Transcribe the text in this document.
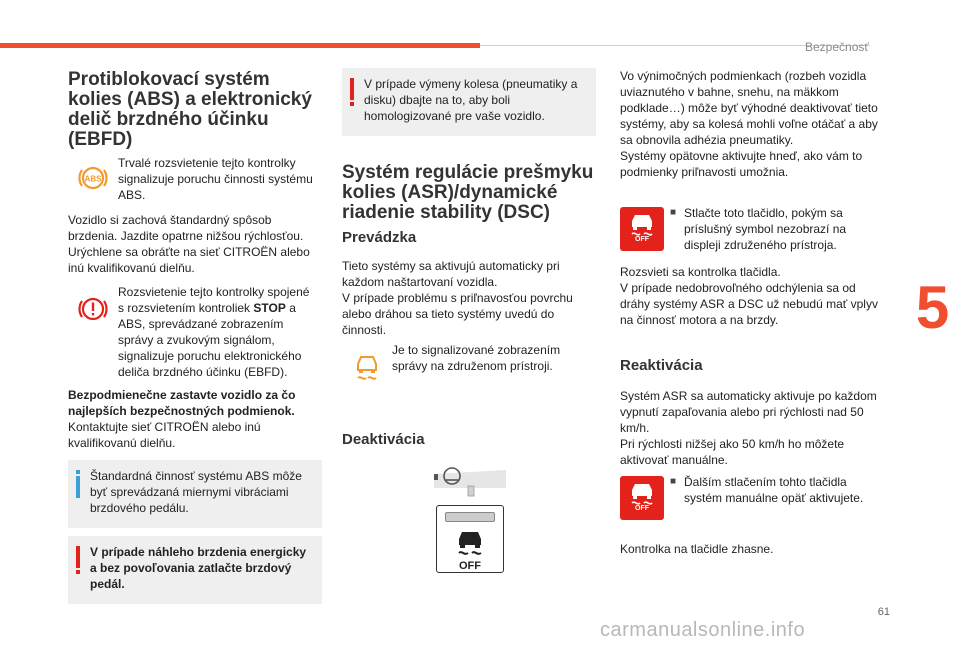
Bezpečnosť
5
61
carmanualsonline.info
Protiblokovací systém kolies (ABS) a elektronický delič brzdného účinku (EBFD)
ABS

Trvalé rozsvietenie tejto kontrolky signalizuje poruchu činnosti systému ABS.

Vozidlo si zachová štandardný spôsob brzdenia. Jazdite opatrne nižšou rýchlosťou. Urýchlene sa obráťte na sieť CITROËN alebo inú kvalifikovanú dielňu.

Rozsvietenie tejto kontrolky spojené s rozsvietením kontroliek STOP a ABS, sprevádzané zobrazením správy a zvukovým signálom, signalizuje poruchu elektronického deliča brzdného účinku (EBFD).

Bezpodmienečne zastavte vozidlo za čo najlepších bezpečnostných podmienok.
Kontaktujte sieť CITROËN alebo inú kvalifikovanú dielňu.

Štandardná činnosť systému ABS môže byť sprevádzaná miernymi vibráciami brzdového pedálu.

V prípade náhleho brzdenia energicky a bez povoľovania zatlačte brzdový pedál.

V prípade výmeny kolesa (pneumatiky a disku) dbajte na to, aby boli homologizované pre vaše vozidlo.

Systém regulácie prešmyku kolies (ASR)/dynamické riadenie stability (DSC)
Prevádzka

Tieto systémy sa aktivujú automaticky pri každom naštartovaní vozidla.

V prípade problému s priľnavosťou povrchu alebo dráhou sa tieto systémy uvedú do činnosti.

Je to signalizované zobrazením správy na združenom prístroji.

Deaktivácia
OFF

Vo výnimočných podmienkach (rozbeh vozidla uviaznutého v bahne, snehu, na mäkkom podklade…) môže byť výhodné deaktivovať tieto systémy, aby sa kolesá mohli voľne otáčať a aby sa obnovila adhézia pneumatiky.

Systémy opätovne aktivujte hneď, ako vám to podmienky priľnavosti umožnia.

OFF
■ Stlačte toto tlačidlo, pokým sa príslušný symbol nezobrazí na displeji združeného prístroja.

Rozsvieti sa kontrolka tlačidla.

V prípade nedobrovoľného odchýlenia sa od dráhy systémy ASR a DSC už nebudú mať vplyv na činnosť motora a na brzdy.

Reaktivácia

Systém ASR sa automaticky aktivuje po každom vypnutí zapaľovania alebo pri rýchlosti nad 50 km/h.

Pri rýchlosti nižšej ako 50 km/h ho môžete aktivovať manuálne.

OFF
■ Ďalším stlačením tohto tlačidla systém manuálne opäť aktivujete.

Kontrolka na tlačidle zhasne.
